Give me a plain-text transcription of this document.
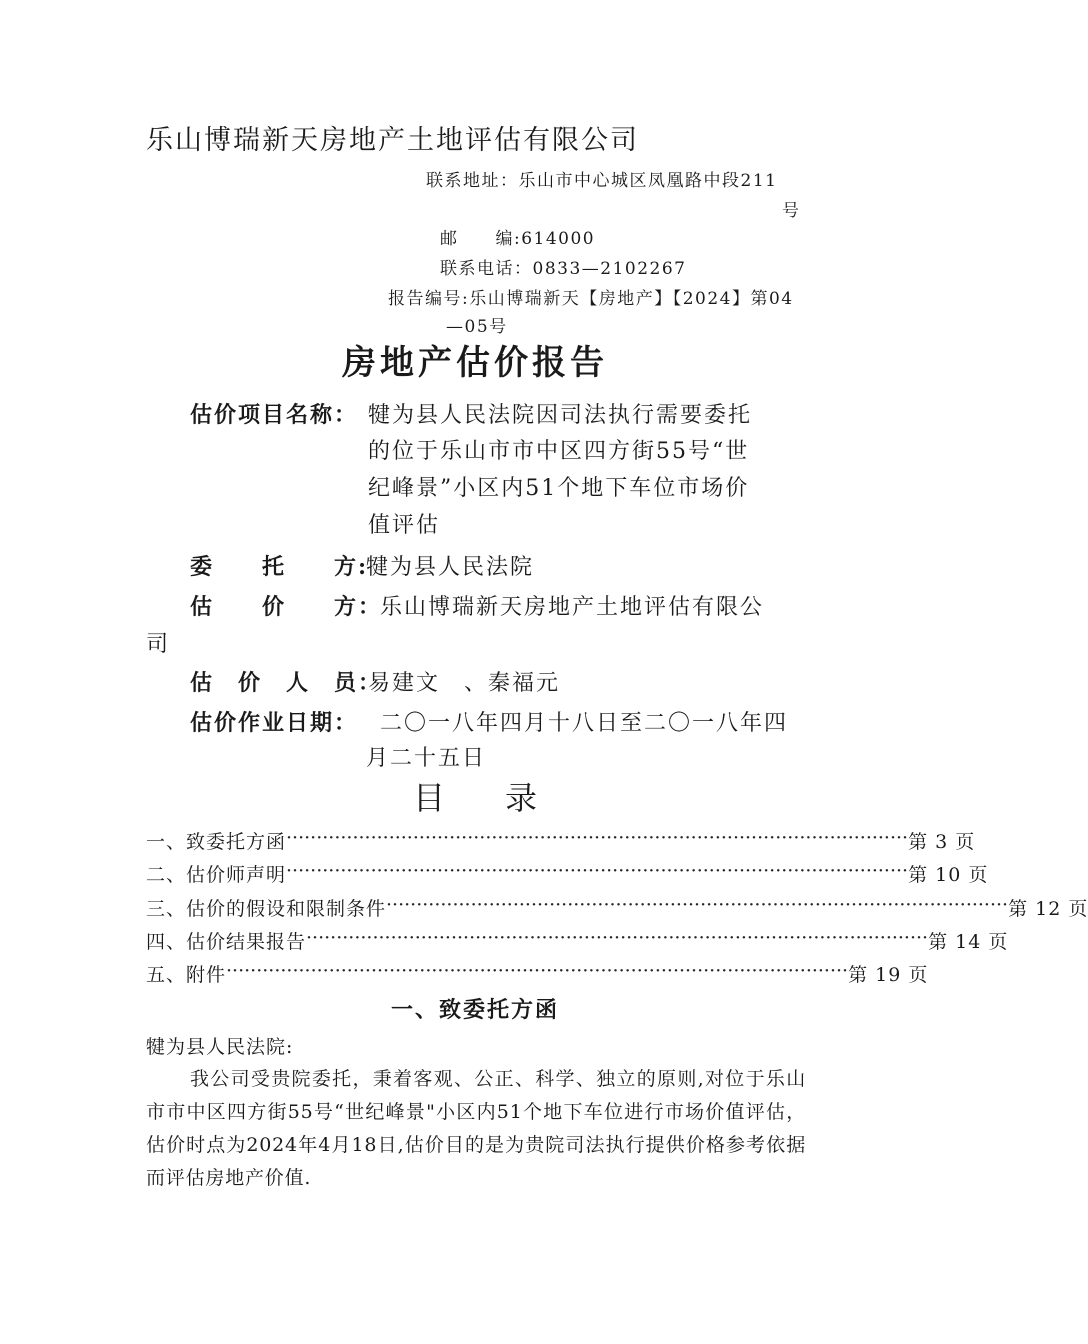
乐山博瑞新天房地产土地评估有限公司
联系地址：乐山市中心城区凤凰路中段211
号
邮　　编:614000
联系电话：0833—2102267
报告编号:乐山博瑞新天【房地产】【2024】第04
—05号
房地产估价报告
估价项目名称： 犍为县人民法院因司法执行需要委托
的位于乐山市市中区四方街55号“世
纪峰景”小区内51个地下车位市场价
值评估
委　　托　　方:
犍为县人民法院
估　　价　　方：
乐山博瑞新天房地产土地评估有限公
司
估　价　人　员：
易建文　、秦福元
估价作业日期： 二〇一八年四月十八日至二〇一八年四
月二十五日
目录
一、致委托方函 ······································································································· 第 3 页
二、估价师声明 ······································································································· 第 10 页
三、估价的假设和限制条件 ······································································································· 第 12 页
四、估价结果报告 ······································································································· 第 14 页
五、附件 ······································································································· 第 19 页
一、致委托方函
犍为县人民法院:
我公司受贵院委托，秉着客观、公正、科学、独立的原则,对位于乐山市市中区四方街55号“世纪峰景"小区内51个地下车位进行市场价值评估，估价时点为2024年4月18日,估价目的是为贵院司法执行提供价格参考依据而评估房地产价值.
